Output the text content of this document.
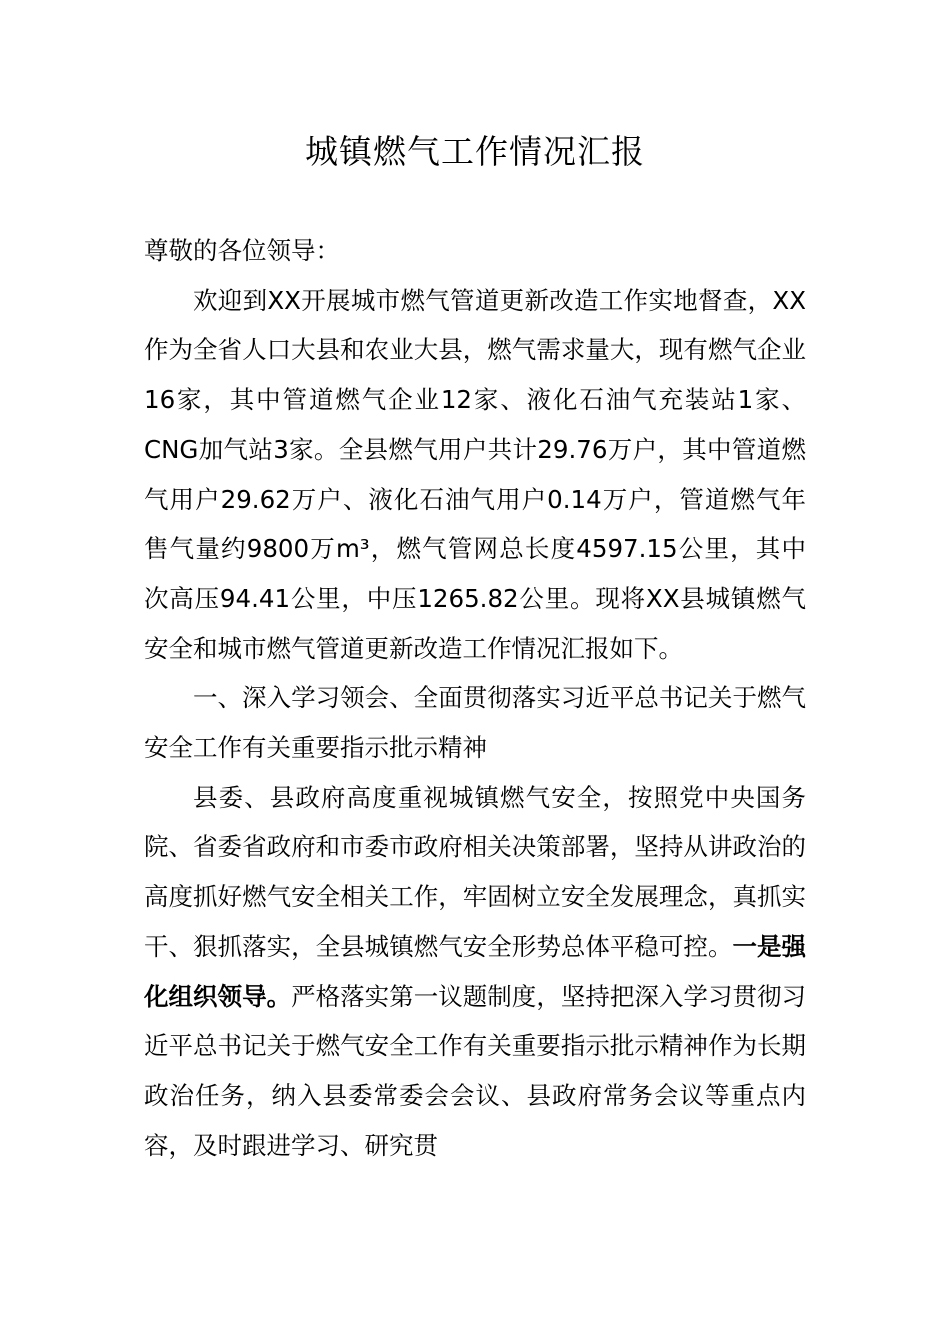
城镇燃气工作情况汇报

尊敬的各位领导：

欢迎到XX开展城市燃气管道更新改造工作实地督查，XX作为全省人口大县和农业大县，燃气需求量大，现有燃气企业16家，其中管道燃气企业12家、液化石油气充装站1家、CNG加气站3家。全县燃气用户共计29.76万户，其中管道燃气用户29.62万户、液化石油气用户0.14万户，管道燃气年售气量约9800万m³，燃气管网总长度4597.15公里，其中次高压94.41公里，中压1265.82公里。现将XX县城镇燃气安全和城市燃气管道更新改造工作情况汇报如下。

一、深入学习领会、全面贯彻落实习近平总书记关于燃气安全工作有关重要指示批示精神

县委、县政府高度重视城镇燃气安全，按照党中央国务院、省委省政府和市委市政府相关决策部署，坚持从讲政治的高度抓好燃气安全相关工作，牢固树立安全发展理念，真抓实干、狠抓落实，全县城镇燃气安全形势总体平稳可控。一是强化组织领导。严格落实第一议题制度，坚持把深入学习贯彻习近平总书记关于燃气安全工作有关重要指示批示精神作为长期政治任务，纳入县委常委会会议、县政府常务会议等重点内容，及时跟进学习、研究贯
